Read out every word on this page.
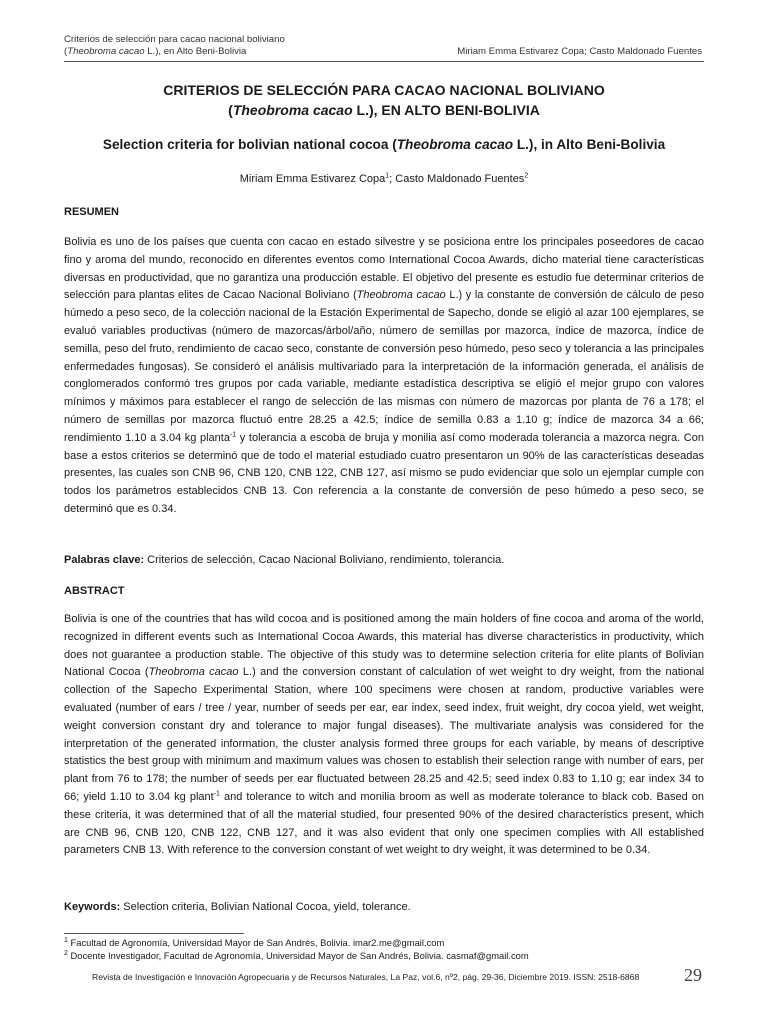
Criterios de selección para cacao nacional boliviano
(Theobroma cacao L.), en Alto Beni-Bolivia	Miriam Emma Estivarez Copa; Casto Maldonado Fuentes
CRITERIOS DE SELECCIÓN PARA CACAO NACIONAL BOLIVIANO
(Theobroma cacao L.), EN ALTO BENI-BOLIVIA
Selection criteria for bolivian national cocoa (Theobroma cacao L.), in Alto Beni-Bolivia
Miriam Emma Estivarez Copa$^1$; Casto Maldonado Fuentes$^2$
RESUMEN
Bolivia es uno de los países que cuenta con cacao en estado silvestre y se posiciona entre los principales poseedores de cacao fino y aroma del mundo, reconocido en diferentes eventos como International Cocoa Awards, dicho material tiene características diversas en productividad, que no garantiza una producción estable. El objetivo del presente es estudio fue determinar criterios de selección para plantas elites de Cacao Nacional Boliviano (Theobroma cacao L.) y la constante de conversión de cálculo de peso húmedo a peso seco, de la colección nacional de la Estación Experimental de Sapecho, donde se eligió al azar 100 ejemplares, se evaluó variables productivas (número de mazorcas/árbol/año, número de semillas por mazorca, índice de mazorca, índice de semilla, peso del fruto, rendimiento de cacao seco, constante de conversión peso húmedo, peso seco y tolerancia a las principales enfermedades fungosas). Se consideró el análisis multivariado para la interpretación de la información generada, el análisis de conglomerados conformó tres grupos por cada variable, mediante estadística descriptiva se eligió el mejor grupo con valores mínimos y máximos para establecer el rango de selección de las mismas con número de mazorcas por planta de 76 a 178; el número de semillas por mazorca fluctuó entre 28.25 a 42.5; índice de semilla 0.83 a 1.10 g; índice de mazorca 34 a 66; rendimiento 1.10 a 3.04 kg planta$^{-1}$ y tolerancia a escoba de bruja y monilia así como moderada tolerancia a mazorca negra. Con base a estos criterios se determinó que de todo el material estudiado cuatro presentaron un 90% de las características deseadas presentes, las cuales son CNB 96, CNB 120, CNB 122, CNB 127, así mismo se pudo evidenciar que solo un ejemplar cumple con todos los parámetros establecidos CNB 13. Con referencia a la constante de conversión de peso húmedo a peso seco, se determinó que es 0.34.
Palabras clave: Criterios de selección, Cacao Nacional Boliviano, rendimiento, tolerancia.
ABSTRACT
Bolivia is one of the countries that has wild cocoa and is positioned among the main holders of fine cocoa and aroma of the world, recognized in different events such as International Cocoa Awards, this material has diverse characteristics in productivity, which does not guarantee a production stable. The objective of this study was to determine selection criteria for elite plants of Bolivian National Cocoa (Theobroma cacao L.) and the conversion constant of calculation of wet weight to dry weight, from the national collection of the Sapecho Experimental Station, where 100 specimens were chosen at random, productive variables were evaluated (number of ears / tree / year, number of seeds per ear, ear index, seed index, fruit weight, dry cocoa yield, wet weight, weight conversion constant dry and tolerance to major fungal diseases). The multivariate analysis was considered for the interpretation of the generated information, the cluster analysis formed three groups for each variable, by means of descriptive statistics the best group with minimum and maximum values was chosen to establish their selection range with number of ears, per plant from 76 to 178; the number of seeds per ear fluctuated between 28.25 and 42.5; seed index 0.83 to 1.10 g; ear index 34 to 66; yield 1.10 to 3.04 kg plant$^{-1}$ and tolerance to witch and monilia broom as well as moderate tolerance to black cob. Based on these criteria, it was determined that of all the material studied, four presented 90% of the desired characteristics present, which are CNB 96, CNB 120, CNB 122, CNB 127, and it was also evident that only one specimen complies with All established parameters CNB 13. With reference to the conversion constant of wet weight to dry weight, it was determined to be 0.34.
Keywords: Selection criteria, Bolivian National Cocoa, yield, tolerance.
$^1$ Facultad de Agronomía, Universidad Mayor de San Andrés, Bolivia. imar2.me@gmail.com
$^2$ Docente Investigador, Facultad de Agronomía, Universidad Mayor de San Andrés, Bolivia. casmaf@gmail.com
Revista de Investigación e Innovación Agropecuaria y de Recursos Naturales, La Paz, vol.6, nº2, pág. 29-36, Diciembre 2019. ISSN: 2518-6868 29
